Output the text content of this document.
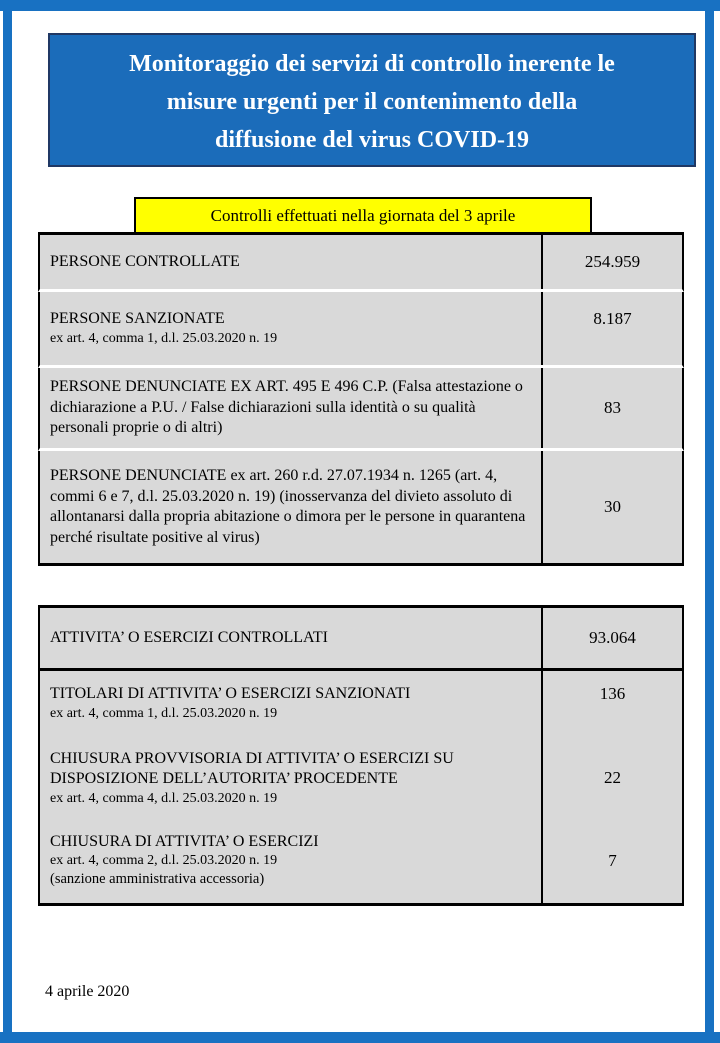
Monitoraggio dei servizi di controllo inerente le
misure urgenti per il contenimento della
diffusione del virus COVID-19
Controlli effettuati nella giornata del 3 aprile
PERSONE CONTROLLATE	254.959
PERSONE SANZIONATE
ex art. 4, comma 1, d.l. 25.03.2020 n. 19
8.187
PERSONE DENUNCIATE EX ART. 495 E 496 C.P. (Falsa attestazione o dichiarazione a P.U. / False dichiarazioni sulla identità o su qualità personali proprie o di altri)
83
PERSONE DENUNCIATE ex art. 260 r.d. 27.07.1934 n. 1265 (art. 4, commi 6 e 7, d.l. 25.03.2020 n. 19) (inosservanza del divieto assoluto di allontanarsi dalla propria abitazione o dimora per le persone in quarantena perché risultate positive al virus)
30
ATTIVITA’ O ESERCIZI CONTROLLATI	93.064
TITOLARI DI ATTIVITA’ O ESERCIZI SANZIONATI
ex art. 4, comma 1, d.l. 25.03.2020 n. 19
136
CHIUSURA PROVVISORIA DI ATTIVITA’ O ESERCIZI SU DISPOSIZIONE DELL’AUTORITA’ PROCEDENTE
ex art. 4, comma 4, d.l. 25.03.2020 n. 19
22
CHIUSURA DI ATTIVITA’ O ESERCIZI
ex art. 4, comma 2, d.l. 25.03.2020 n. 19
(sanzione amministrativa accessoria)
7
4 aprile 2020
